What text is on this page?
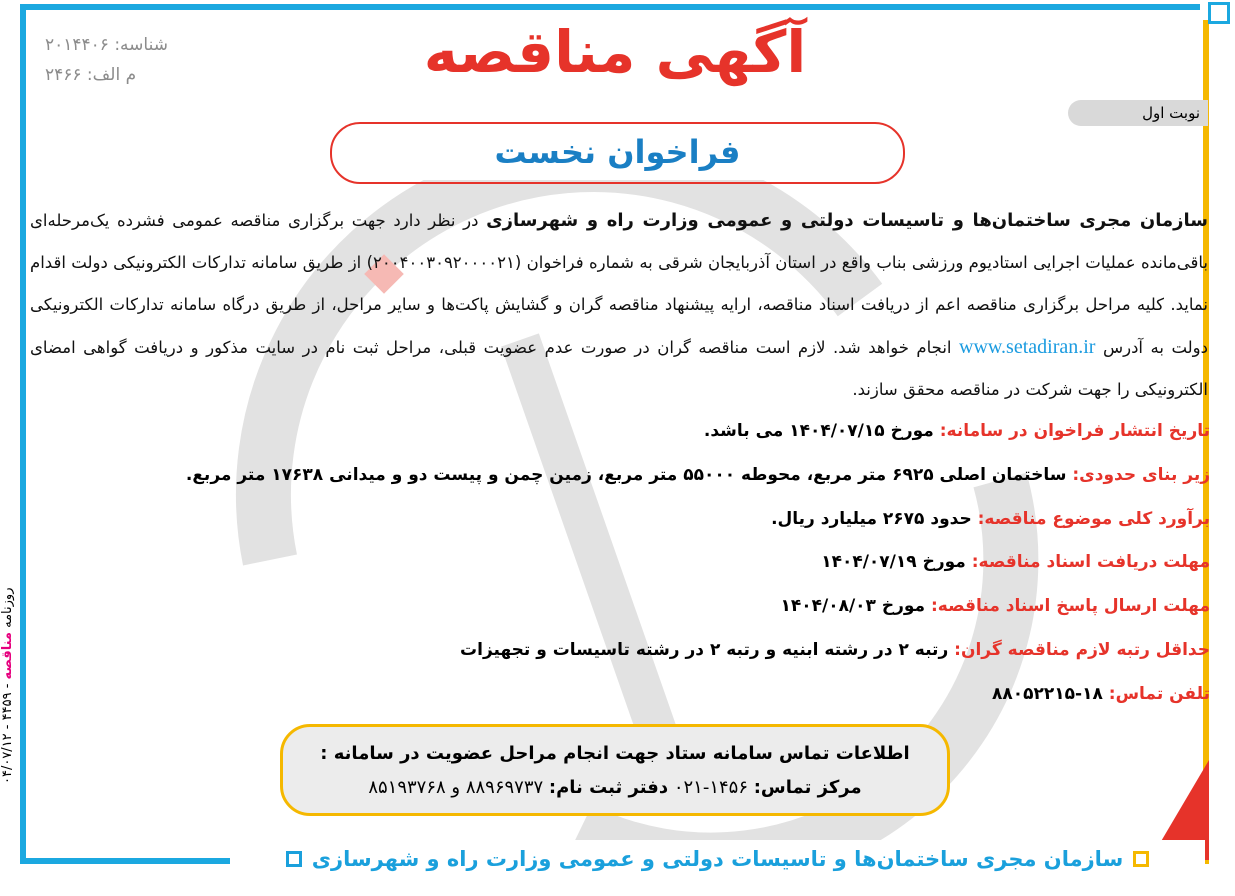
شناسه: ۲۰۱۴۴۰۶
م الف: ۲۴۶۶	آگهی مناقصه
نوبت اول
فراخوان نخست
سازمان مجری ساختمان‌ها و تاسیسات دولتی و عمومی وزارت راه و شهرسازی در نظر دارد جهت برگزاری مناقصه عمومی فشرده یک‌مرحله‌ای باقی‌مانده عملیات اجرایی استادیوم ورزشی بناب واقع در استان آذربایجان شرقی به شماره فراخوان (۲۰۰۴۰۰۳۰۹۲۰۰۰۰۲۱) از طریق سامانه تدارکات الکترونیکی دولت اقدام نماید. کلیه مراحل برگزاری مناقصه اعم از دریافت اسناد مناقصه، ارایه پیشنهاد مناقصه گران و گشایش پاکت‌ها و سایر مراحل، از طریق درگاه سامانه تدارکات الکترونیکی دولت به آدرس www.setadiran.ir انجام خواهد شد. لازم است مناقصه گران در صورت عدم عضویت قبلی، مراحل ثبت نام در سایت مذکور و دریافت گواهی امضای الکترونیکی را جهت شرکت در مناقصه محقق سازند.
تاریخ انتشار فراخوان در سامانه: مورخ ۱۴۰۴/۰۷/۱۵ می باشد.
زیر بنای حدودی: ساختمان اصلی ۶۹۲۵ متر مربع، محوطه ۵۵۰۰۰ متر مربع، زمین چمن و پیست دو و میدانی ۱۷۶۳۸ متر مربع.
برآورد کلی موضوع مناقصه: حدود ۲۶۷۵ میلیارد ریال.
مهلت دریافت اسناد مناقصه: مورخ ۱۴۰۴/۰۷/۱۹
مهلت ارسال پاسخ اسناد مناقصه: مورخ ۱۴۰۴/۰۸/۰۳
حداقل رتبه لازم مناقصه گران: رتبه ۲ در رشته ابنیه و رتبه ۲ در رشته تاسیسات و تجهیزات
تلفن تماس: ۱۸-۸۸۰۵۲۲۱۵
اطلاعات تماس سامانه ستاد جهت انجام مراحل عضویت در سامانه :
مرکز تماس: ۱۴۵۶-۰۲۱ دفتر ثبت نام: ۸۸۹۶۹۷۳۷ و ۸۵۱۹۳۷۶۸
سازمان مجری ساختمان‌ها و تاسیسات دولتی و عمومی وزارت راه و شهرسازی
روزنامه مناقصه - ۴۴۵۹ - ۰۴/۰۷/۱۲
